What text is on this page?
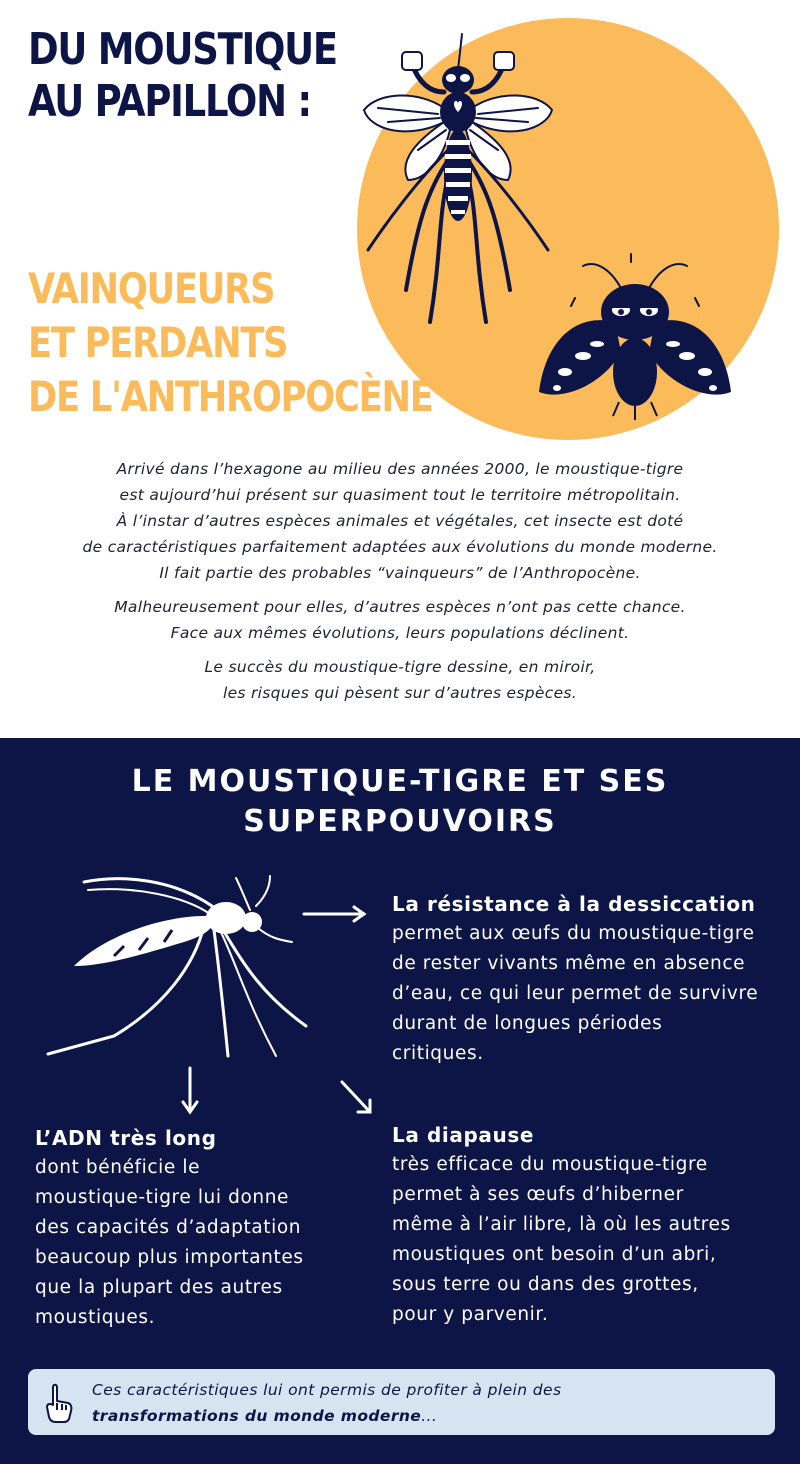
DU MOUSTIQUE
AU PAPILLON :
VAINQUEURS
ET PERDANTS
DE L'ANTHROPOCÈNE

Arrivé dans l’hexagone au milieu des années 2000, le moustique-tigre
est aujourd’hui présent sur quasiment tout le territoire métropolitain.
À l’instar d’autres espèces animales et végétales, cet insecte est doté
de caractéristiques parfaitement adaptées aux évolutions du monde moderne.
Il fait partie des probables “vainqueurs” de l’Anthropocène.

Malheureusement pour elles, d’autres espèces n’ont pas cette chance.
Face aux mêmes évolutions, leurs populations déclinent.

Le succès du moustique-tigre dessine, en miroir,
les risques qui pèsent sur d’autres espèces.

LE MOUSTIQUE-TIGRE ET SES
SUPERPOUVOIRS
La résistance à la dessiccation
permet aux œufs du moustique-tigre
de rester vivants même en absence
d’eau, ce qui leur permet de survivre
durant de longues périodes
critiques.
L’ADN très long
dont bénéficie le
moustique-tigre lui donne
des capacités d’adaptation
beaucoup plus importantes
que la plupart des autres
moustiques.
La diapause
très efficace du moustique-tigre
permet à ses œufs d’hiberner
même à l’air libre, là où les autres
moustiques ont besoin d’un abri,
sous terre ou dans des grottes,
pour y parvenir.
Ces caractéristiques lui ont permis de profiter à plein des
transformations du monde moderne...
